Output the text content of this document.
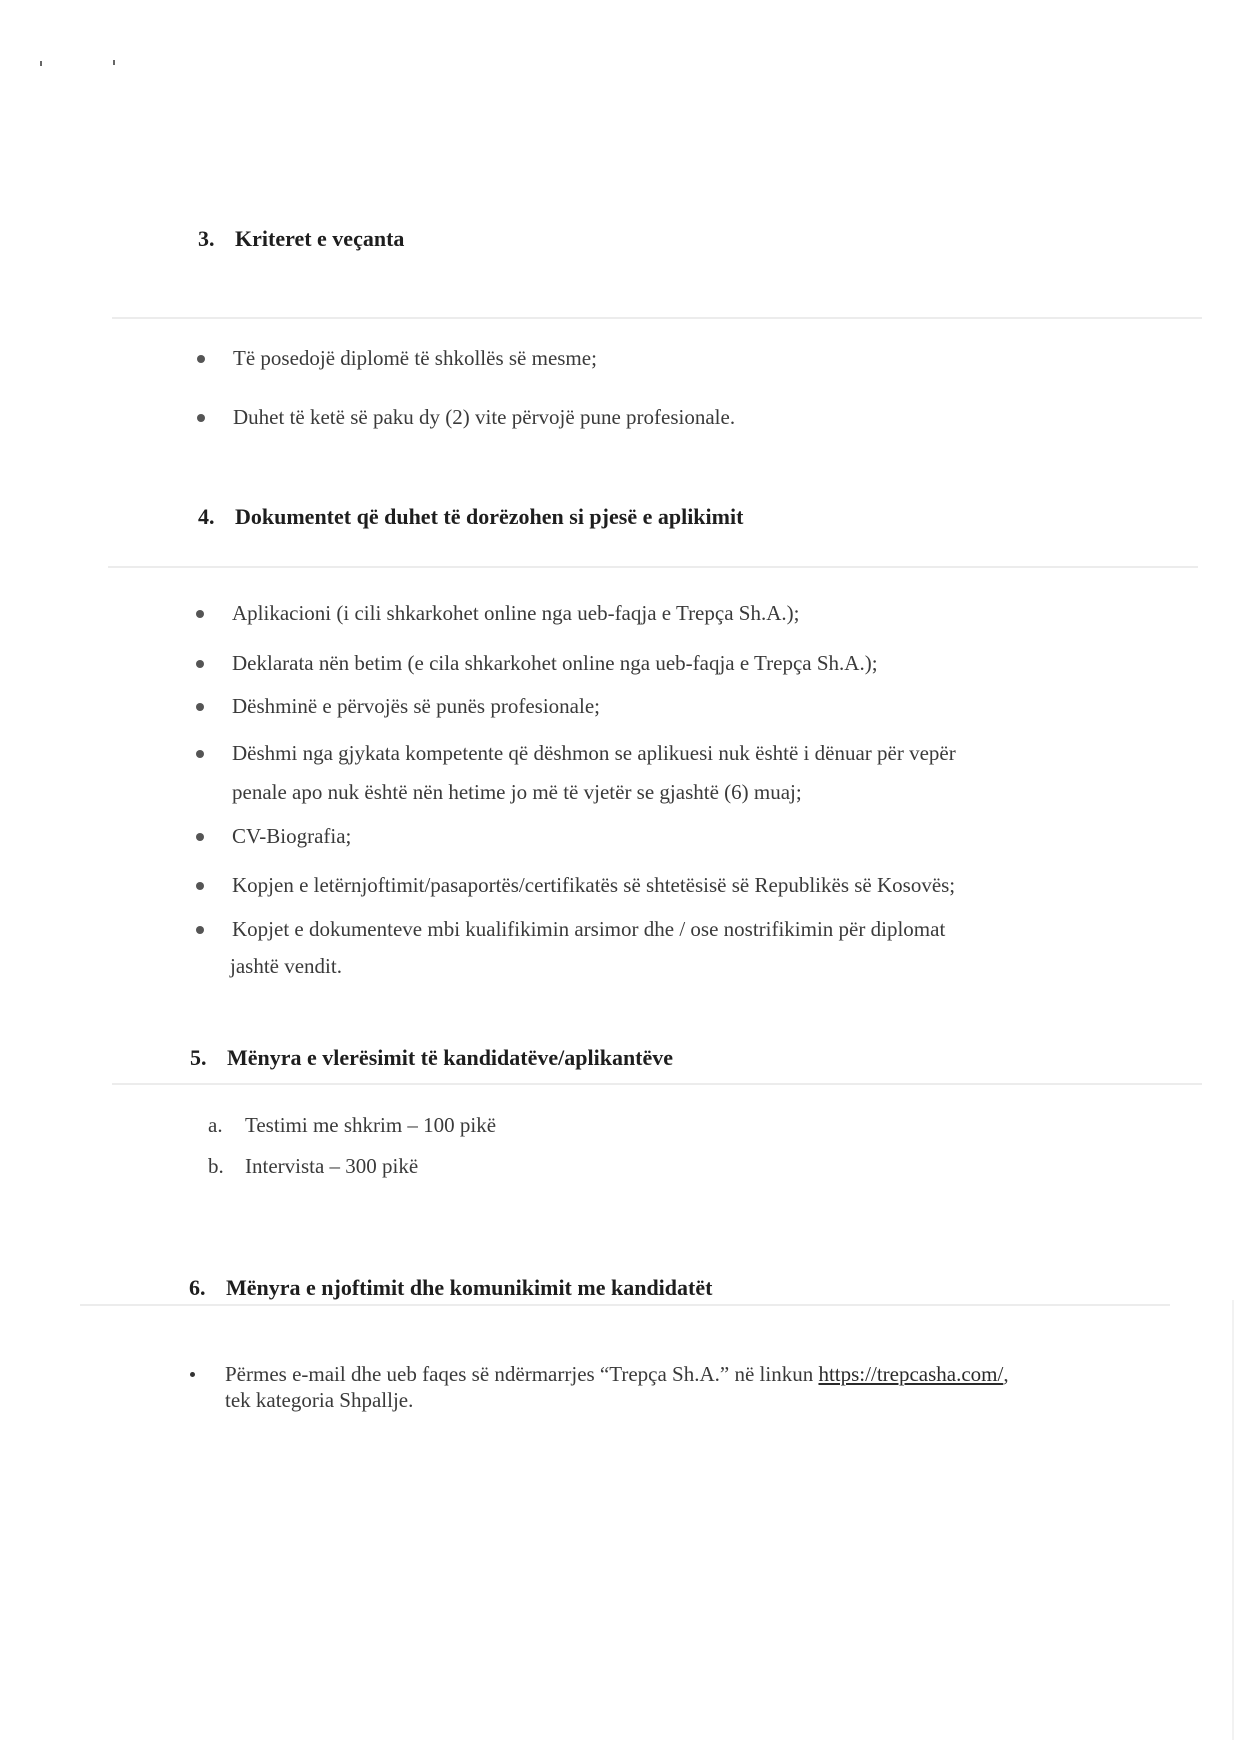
3. Kriteret e veçanta
Të posedojë diplomë të shkollës së mesme;
Duhet të ketë së paku dy (2) vite përvojë pune profesionale.
4. Dokumentet që duhet të dorëzohen si pjesë e aplikimit
Aplikacioni (i cili shkarkohet online nga ueb-faqja e Trepça Sh.A.);
Deklarata nën betim (e cila shkarkohet online nga ueb-faqja e Trepça Sh.A.);
Dëshminë e përvojës së punës profesionale;
Dëshmi nga gjykata kompetente që dëshmon se aplikuesi nuk është i dënuar për vepër
penale apo nuk është nën hetime jo më të vjetër se gjashtë (6) muaj;
CV-Biografia;
Kopjen e letërnjoftimit/pasaportës/certifikatës së shtetësisë së Republikës së Kosovës;
Kopjet e dokumenteve mbi kualifikimin arsimor dhe / ose nostrifikimin për diplomat
jashtë vendit.
5. Mënyra e vlerësimit të kandidatëve/aplikantëve
a. Testimi me shkrim – 100 pikë
b. Intervista – 300 pikë
6. Mënyra e njoftimit dhe komunikimit me kandidatët
Përmes e-mail dhe ueb faqes së ndërmarrjes “Trepça Sh.A.” në linkun https://trepcasha.com/,
tek kategoria Shpallje.
